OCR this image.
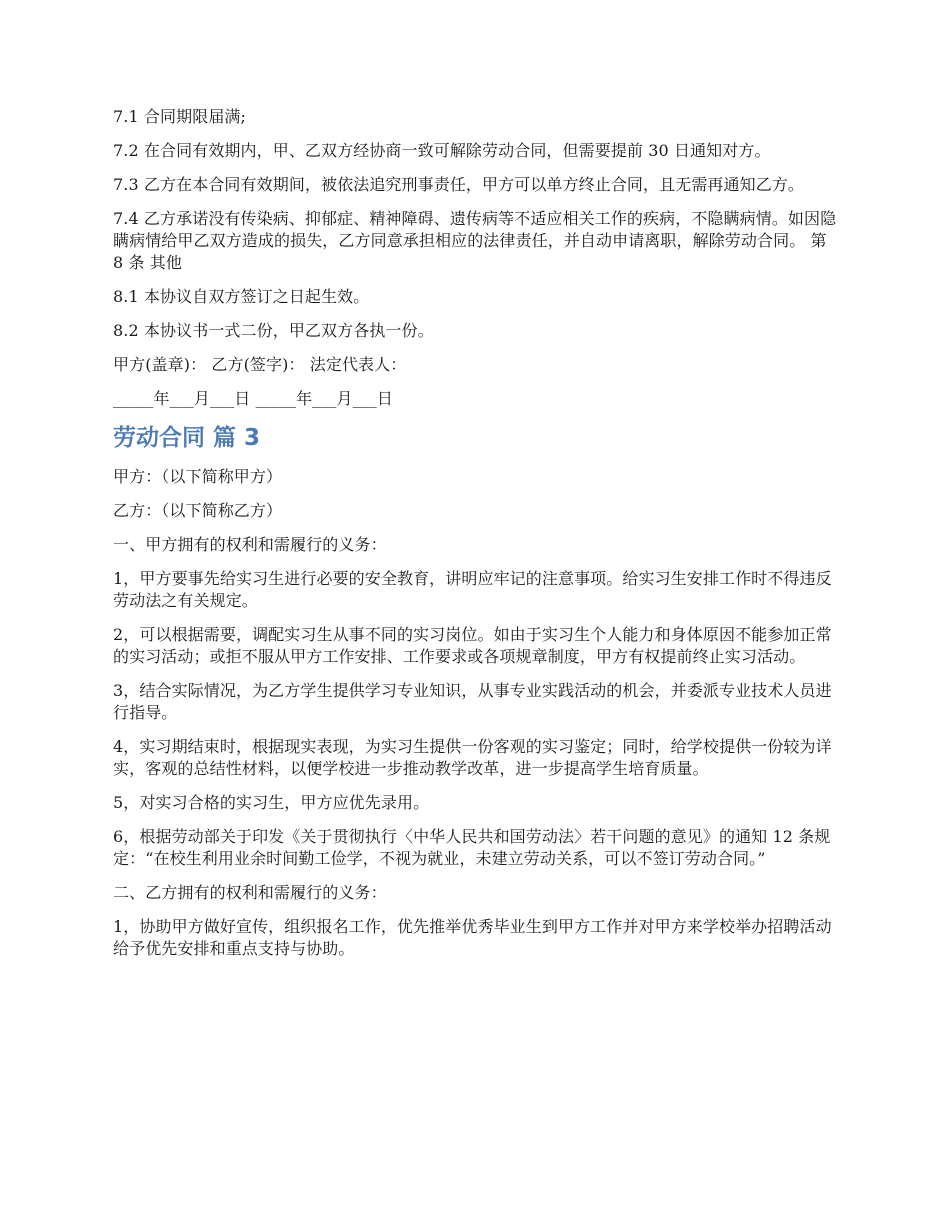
7.1 合同期限届满;

7.2 在合同有效期内，甲、乙双方经协商一致可解除劳动合同，但需要提前 30 日通知对方。

7.3 乙方在本合同有效期间，被依法追究刑事责任，甲方可以单方终止合同，且无需再通知乙方。

7.4 乙方承诺没有传染病、抑郁症、精神障碍、遗传病等不适应相关工作的疾病，不隐瞒病情。如因隐瞒病情给甲乙双方造成的损失，乙方同意承担相应的法律责任，并自动申请离职，解除劳动合同。 第 8 条 其他

8.1 本协议自双方签订之日起生效。

8.2 本协议书一式二份，甲乙双方各执一份。

甲方(盖章)： 乙方(签字)： 法定代表人：

_____年___月___日 _____年___月___日

劳动合同 篇 3

甲方：（以下简称甲方）

乙方：（以下简称乙方）

一、甲方拥有的权利和需履行的义务：

1，甲方要事先给实习生进行必要的安全教育，讲明应牢记的注意事项。给实习生安排工作时不得违反劳动法之有关规定。

2，可以根据需要，调配实习生从事不同的实习岗位。如由于实习生个人能力和身体原因不能参加正常的实习活动；或拒不服从甲方工作安排、工作要求或各项规章制度，甲方有权提前终止实习活动。

3，结合实际情况，为乙方学生提供学习专业知识，从事专业实践活动的机会，并委派专业技术人员进行指导。

4，实习期结束时，根据现实表现，为实习生提供一份客观的实习鉴定；同时，给学校提供一份较为详实，客观的总结性材料，以便学校进一步推动教学改革，进一步提高学生培育质量。

5，对实习合格的实习生，甲方应优先录用。

6，根据劳动部关于印发《关于贯彻执行〈中华人民共和国劳动法〉若干问题的意见》的通知 12 条规定：“在校生利用业余时间勤工俭学，不视为就业，未建立劳动关系，可以不签订劳动合同。”

二、乙方拥有的权利和需履行的义务：

1，协助甲方做好宣传，组织报名工作，优先推举优秀毕业生到甲方工作并对甲方来学校举办招聘活动给予优先安排和重点支持与协助。
